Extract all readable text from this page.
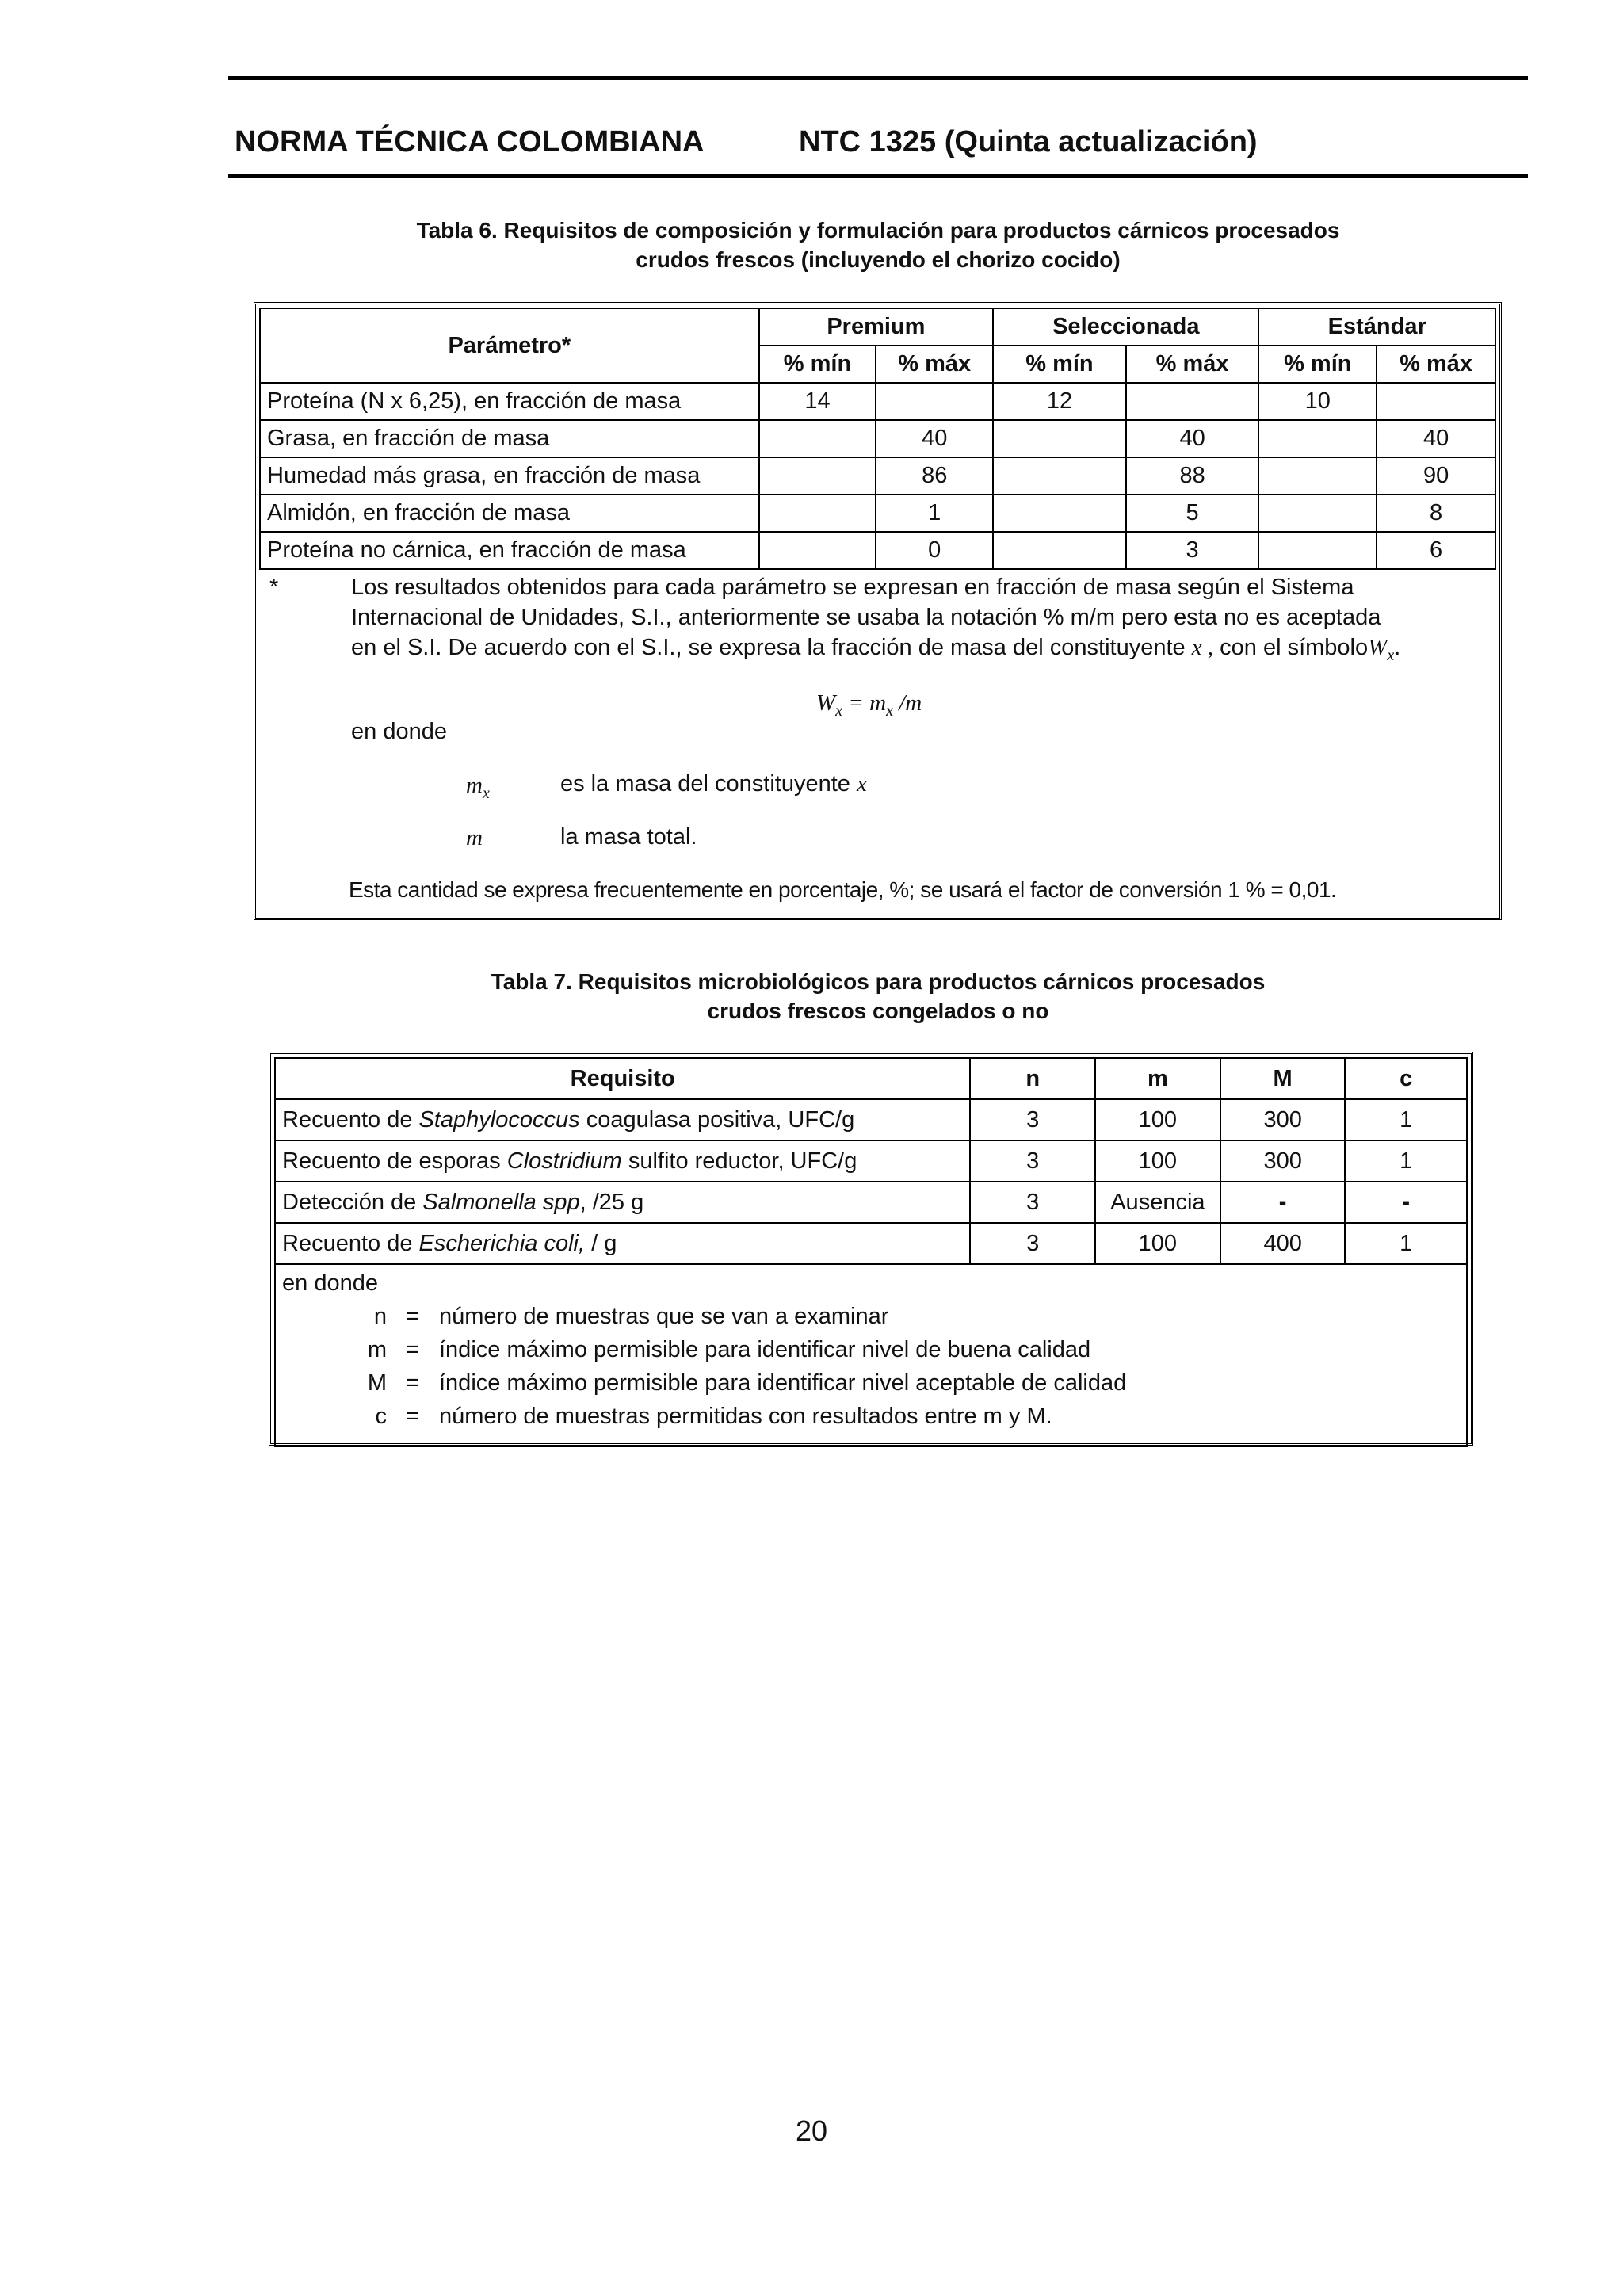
NORMA TÉCNICA COLOMBIANA	NTC 1325 (Quinta actualización)
Tabla 6. Requisitos de composición y formulación para productos cárnicos procesados
crudos frescos (incluyendo el chorizo cocido)
Parámetro*	Premium		Seleccionada		Estándar	
	% mín	% máx	% mín	% máx	% mín	% máx
Proteína (N x 6,25), en fracción de masa	14		12		10	
Grasa, en fracción de masa		40		40		40
Humedad más grasa, en fracción de masa		86		88		90
Almidón, en fracción de masa		1		5		8
Proteína no cárnica, en fracción de masa		0		3		6
*	Los resultados obtenidos para cada parámetro se expresan en fracción de masa según el Sistema
Internacional de Unidades, S.I., anteriormente se usaba la notación % m/m pero esta no es aceptada
en el S.I. De acuerdo con el S.I., se expresa la fracción de masa del constituyente x , con el símboloW$_x$.
$W_x = m_x$ /m
en donde
$m_x$	es la masa del constituyente x
m	la masa total.
Esta cantidad se expresa frecuentemente en porcentaje, %; se usará el factor de conversión 1 % = 0,01.
Tabla 7. Requisitos microbiológicos para productos cárnicos procesados
crudos frescos congelados o no
Requisito	n	m	M	c
Recuento de Staphylococcus coagulasa positiva, UFC/g	3	100	300	1
Recuento de esporas Clostridium sulfito reductor, UFC/g	3	100	300	1
Detección de Salmonella spp, /25 g	3	Ausencia	-	-
Recuento de Escherichia coli, / g	3	100	400	1

en donde
n = número de muestras que se van a examinar
m = índice máximo permisible para identificar nivel de buena calidad
M = índice máximo permisible para identificar nivel aceptable de calidad
c = número de muestras permitidas con resultados entre m y M.				
20
